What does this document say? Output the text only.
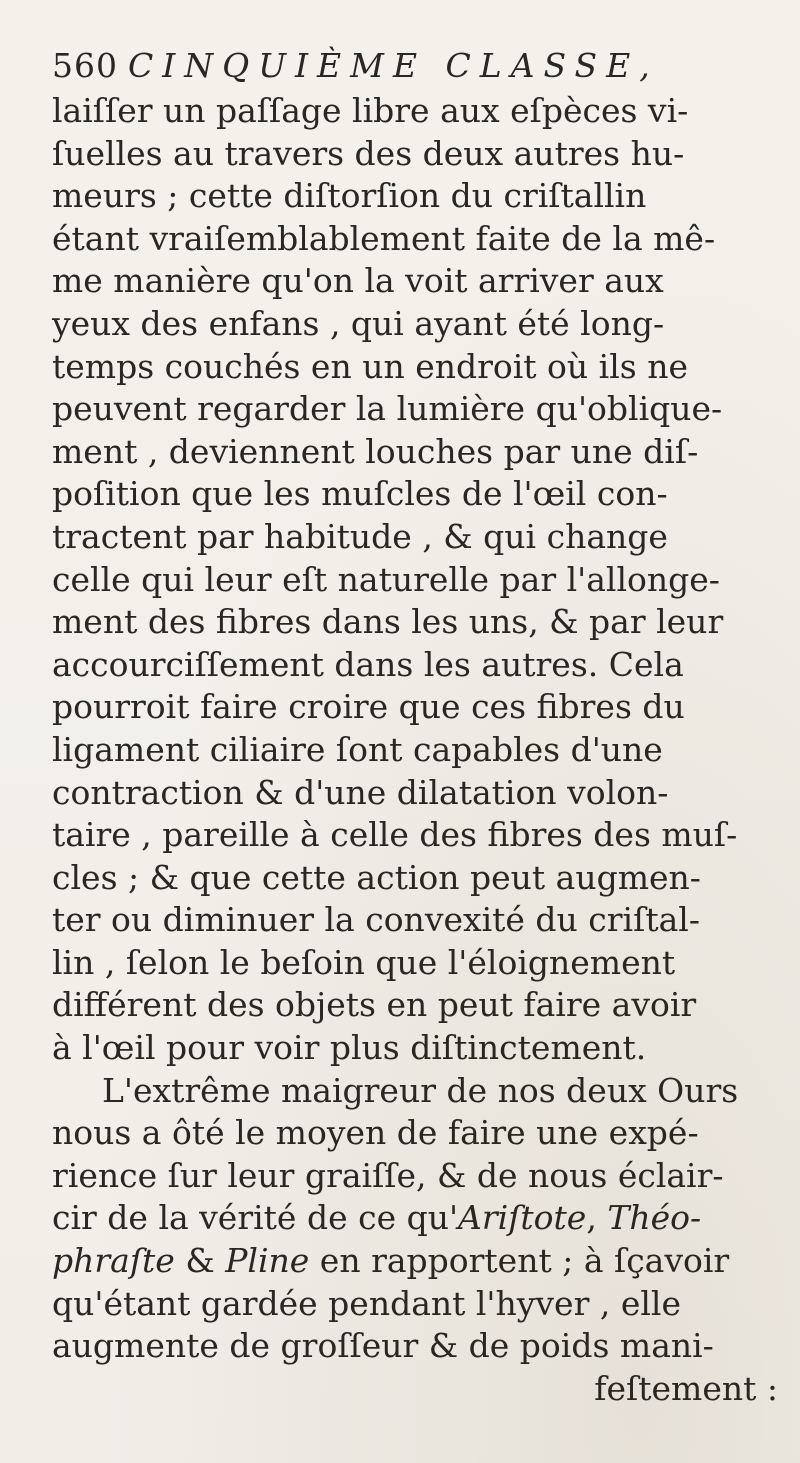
560 CINQUIÈME CLASSE,
laiſſer un paſſage libre aux eſpèces vi-
ſuelles au travers des deux autres hu-
meurs ; cette diſtorſion du criſtallin
étant vraiſemblablement faite de la mê-
me manière qu'on la voit arriver aux
yeux des enfans , qui ayant été long-
temps couchés en un endroit où ils ne
peuvent regarder la lumière qu'oblique-
ment , deviennent louches par une diſ-
poſition que les muſcles de l'œil con-
tractent par habitude , & qui change
celle qui leur eſt naturelle par l'allonge-
ment des fibres dans les uns, & par leur
accourciſſement dans les autres. Cela
pourroit faire croire que ces fibres du
ligament ciliaire ſont capables d'une
contraction & d'une dilatation volon-
taire , pareille à celle des fibres des muſ-
cles ; & que cette action peut augmen-
ter ou diminuer la convexité du criſtal-
lin , ſelon le beſoin que l'éloignement
différent des objets en peut faire avoir
à l'œil pour voir plus diſtinctement.
L'extrême maigreur de nos deux Ours
nous a ôté le moyen de faire une expé-
rience ſur leur graiſſe, & de nous éclair-
cir de la vérité de ce qu'Ariſtote, Théo-
phraſte & Pline en rapportent ; à ſçavoir
qu'étant gardée pendant l'hyver , elle
augmente de groſſeur & de poids mani-
feſtement :
